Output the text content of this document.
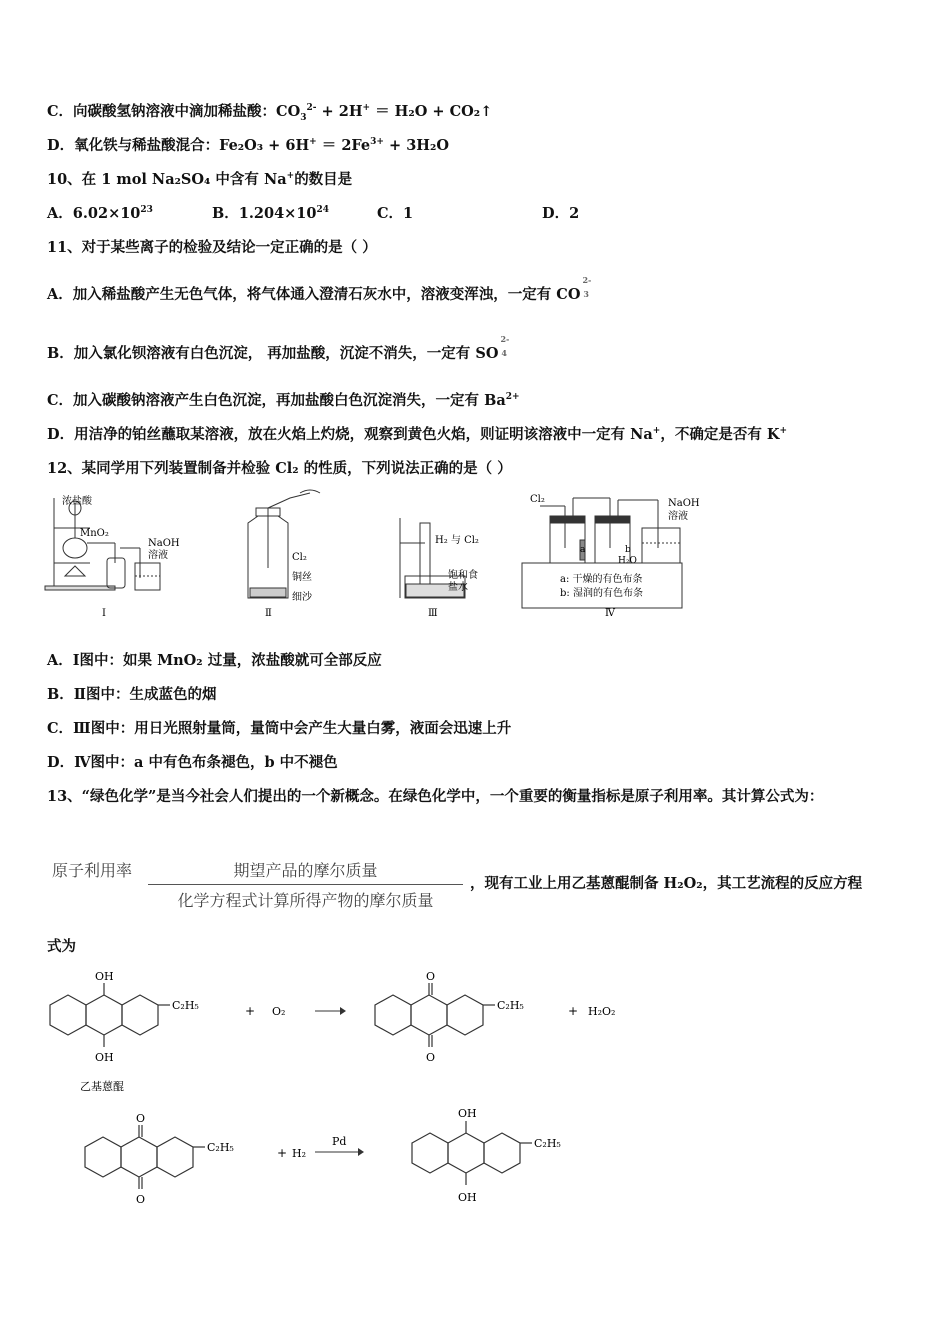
C．向碳酸氢钠溶液中滴加稀盐酸：$CO_3^{2-} + 2H^+ = H_2O$ + CO₂↑
D．氧化铁与稀盐酸混合：$Fe_2O_3 + 6H^+ = 2Fe^{3+} + 3H_2O$
10、在 1 mol Na₂SO₄ 中含有 Na+的数目是
A．$6.02\times 10^{23}$	B．$1.204\times 10^{24}$	C．1	D．2
11、对于某些离子的检验及结论一定正确的是（ ）
A．加入稀盐酸产生无色气体，将气体通入澄清石灰水中，溶液变浑浊，一定有 $CO^{2-}3$
B．加入氯化钡溶液有白色沉淀， 再加盐酸，沉淀不消失，一定有 $SO^{2-}4$
C．加入碳酸钠溶液产生白色沉淀，再加盐酸白色沉淀消失，一定有 $Ba^{2+}$
D．用洁净的铂丝蘸取某溶液，放在火焰上灼烧，观察到黄色火焰，则证明该溶液中一定有 Na+，不确定是否有 K+
12、某同学用下列装置制备并检验 Cl₂ 的性质，下列说法正确的是（ ）
浓盐酸
MnO₂
NaOH
溶液
Ⅰ
Cl₂
铜丝
细沙
Ⅱ
H₂ 与 Cl₂
饱和食
盐水
Ⅲ
Cl₂	NaOH
溶液
a	b
H₂O
a: 干燥的有色布条
b: 湿润的有色布条
Ⅳ
A．Ⅰ图中：如果 MnO₂ 过量，浓盐酸就可全部反应
B．Ⅱ图中：生成蓝色的烟
C．Ⅲ图中：用日光照射量筒，量筒中会产生大量白雾，液面会迅速上升
D．Ⅳ图中：a 中有色布条褪色，b 中不褪色
13、“绿色化学”是当今社会人们提出的一个新概念。在绿色化学中，一个重要的衡量指标是原子利用率。其计算公式为：
原子利用率	期望产品的摩尔质量
化学方程式计算所得产物的摩尔质量
，现有工业上用乙基蒽醌制备 H₂O₂，其工艺流程的反应方程
式为
OH
OH
C₂H₅	+ O₂
O
O
C₂H₅	+ H₂O₂
乙基蒽醌
O
O
C₂H₅	+ H₂
Pd
OH
OH
C₂H₅
